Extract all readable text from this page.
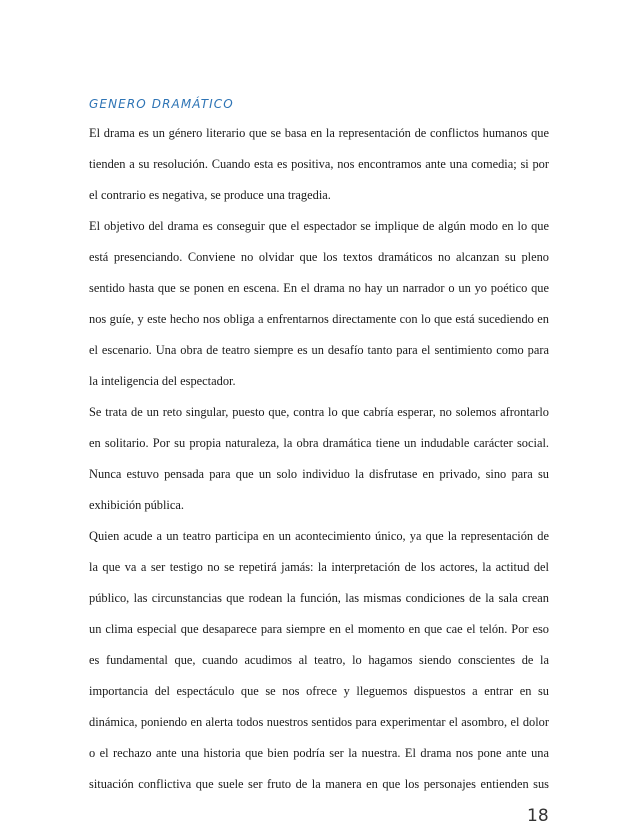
GENERO DRAMÁTICO
El drama es un género literario que se basa en la representación de conflictos humanos que
tienden a su resolución. Cuando esta es positiva, nos encontramos ante una comedia; si por
el contrario es negativa, se produce una tragedia.
El objetivo del drama es conseguir que el espectador se implique de algún modo en lo que
está presenciando. Conviene no olvidar que los textos dramáticos no alcanzan su pleno
sentido hasta que se ponen en escena. En el drama no hay un narrador o un yo poético que
nos guíe, y este hecho nos obliga a enfrentarnos directamente con lo que está sucediendo en
el escenario. Una obra de teatro siempre es un desafío tanto para el sentimiento como para
la inteligencia del espectador.
Se trata de un reto singular, puesto que, contra lo que cabría esperar, no solemos afrontarlo
en solitario. Por su propia naturaleza, la obra dramática tiene un indudable carácter social.
Nunca estuvo pensada para que un solo individuo la disfrutase en privado, sino para su
exhibición pública.
Quien acude a un teatro participa en un acontecimiento único, ya que la representación de
la que va a ser testigo no se repetirá jamás: la interpretación de los actores, la actitud del
público, las circunstancias que rodean la función, las mismas condiciones de la sala crean
un clima especial que desaparece para siempre en el momento en que cae el telón. Por eso
es fundamental que, cuando acudimos al teatro, lo hagamos siendo conscientes de la
importancia del espectáculo que se nos ofrece y lleguemos dispuestos a entrar en su
dinámica, poniendo en alerta todos nuestros sentidos para experimentar el asombro, el dolor
o el rechazo ante una historia que bien podría ser la nuestra. El drama nos pone ante una
situación conflictiva que suele ser fruto de la manera en que los personajes entienden sus
18
